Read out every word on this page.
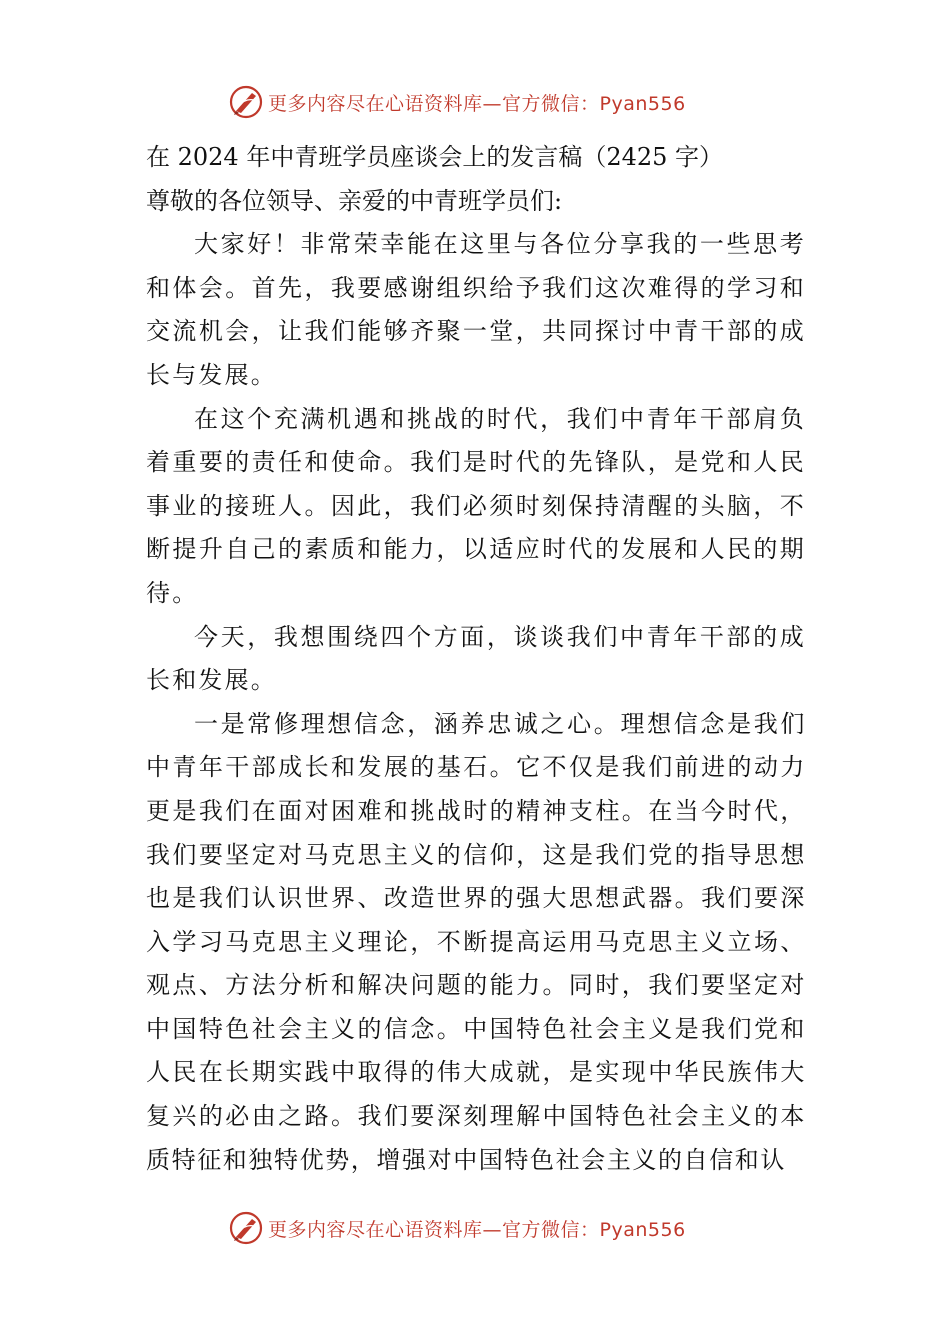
更多内容尽在心语资料库—官方微信：Pyan556
在 2024 年中青班学员座谈会上的发言稿（2425 字）
尊敬的各位领导、亲爱的中青班学员们:

大家好！非常荣幸能在这里与各位分享我的一些思考和体会。首先，我要感谢组织给予我们这次难得的学习和交流机会，让我们能够齐聚一堂，共同探讨中青干部的成长与发展。

在这个充满机遇和挑战的时代，我们中青年干部肩负着重要的责任和使命。我们是时代的先锋队，是党和人民事业的接班人。因此，我们必须时刻保持清醒的头脑，不断提升自己的素质和能力，以适应时代的发展和人民的期待。

今天，我想围绕四个方面，谈谈我们中青年干部的成长和发展。

一是常修理想信念，涵养忠诚之心。理想信念是我们中青年干部成长和发展的基石。它不仅是我们前进的动力更是我们在面对困难和挑战时的精神支柱。在当今时代，我们要坚定对马克思主义的信仰，这是我们党的指导思想也是我们认识世界、改造世界的强大思想武器。我们要深入学习马克思主义理论，不断提高运用马克思主义立场、观点、方法分析和解决问题的能力。同时，我们要坚定对中国特色社会主义的信念。中国特色社会主义是我们党和人民在长期实践中取得的伟大成就，是实现中华民族伟大复兴的必由之路。我们要深刻理解中国特色社会主义的本质特征和独特优势，增强对中国特色社会主义的自信和认

更多内容尽在心语资料库—官方微信：Pyan556
